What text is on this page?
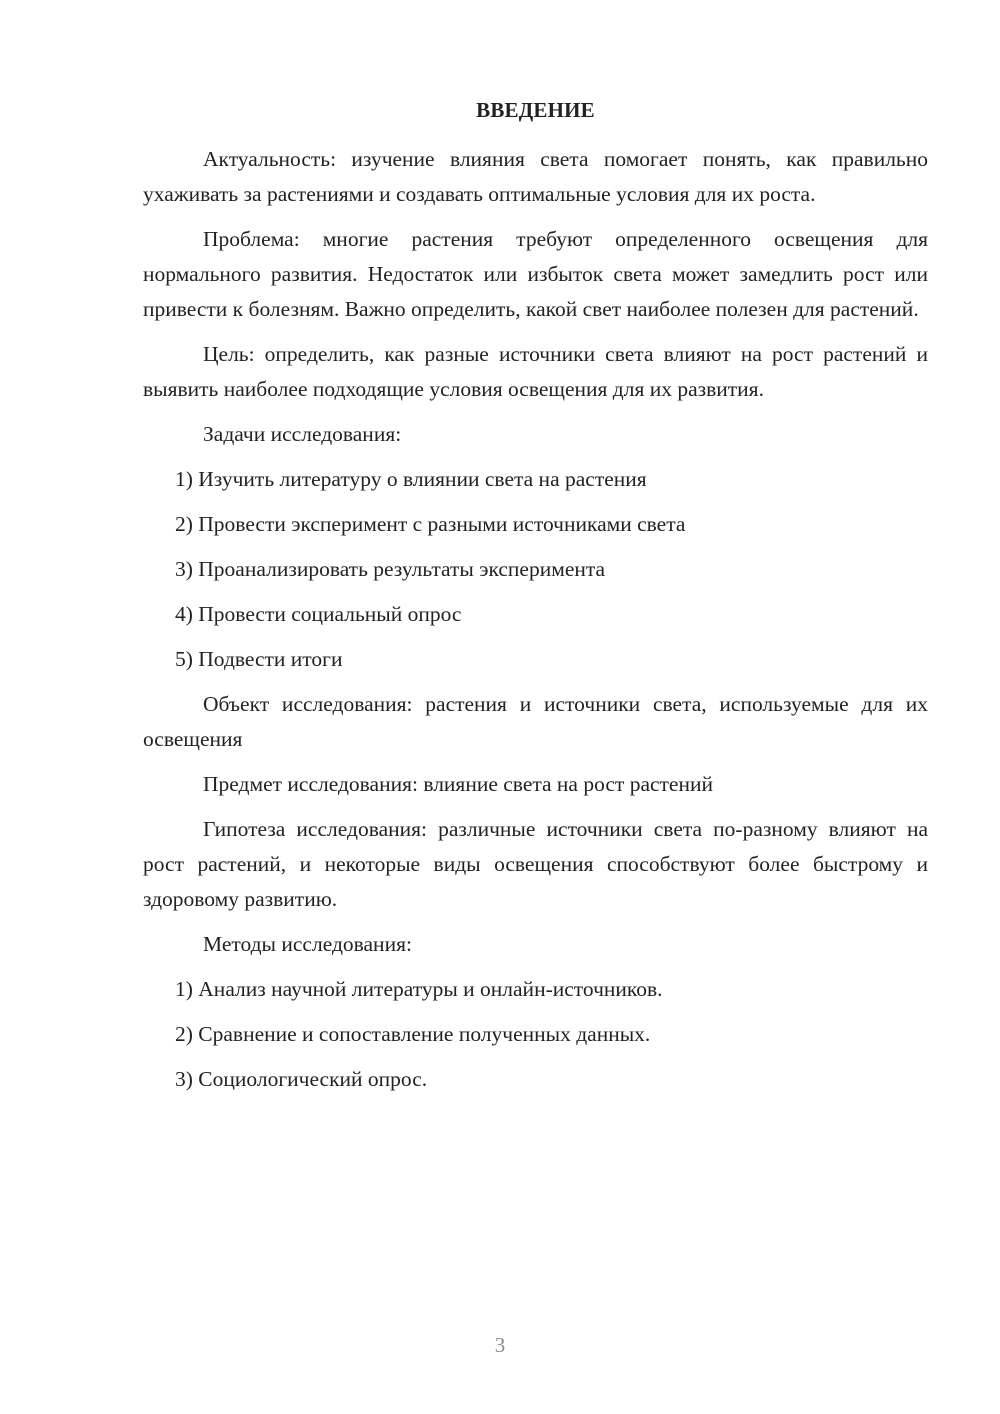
ВВЕДЕНИЕ

Актуальность: изучение влияния света помогает понять, как правильно ухаживать за растениями и создавать оптимальные условия для их роста.

Проблема: многие растения требуют определенного освещения для нормального развития. Недостаток или избыток света может замедлить рост или привести к болезням. Важно определить, какой свет наиболее полезен для растений.

Цель: определить, как разные источники света влияют на рост растений и выявить наиболее подходящие условия освещения для их развития.

Задачи исследования:

1) Изучить литературу о влиянии света на растения

2) Провести эксперимент с разными источниками света

3) Проанализировать результаты эксперимента

4) Провести социальный опрос

5) Подвести итоги

Объект исследования: растения и источники света, используемые для их освещения

Предмет исследования: влияние света на рост растений

Гипотеза исследования: различные источники света по-разному влияют на рост растений, и некоторые виды освещения способствуют более быстрому и здоровому развитию.

Методы исследования:

1) Анализ научной литературы и онлайн-источников.

2) Сравнение и сопоставление полученных данных.

3) Социологический опрос.

3
